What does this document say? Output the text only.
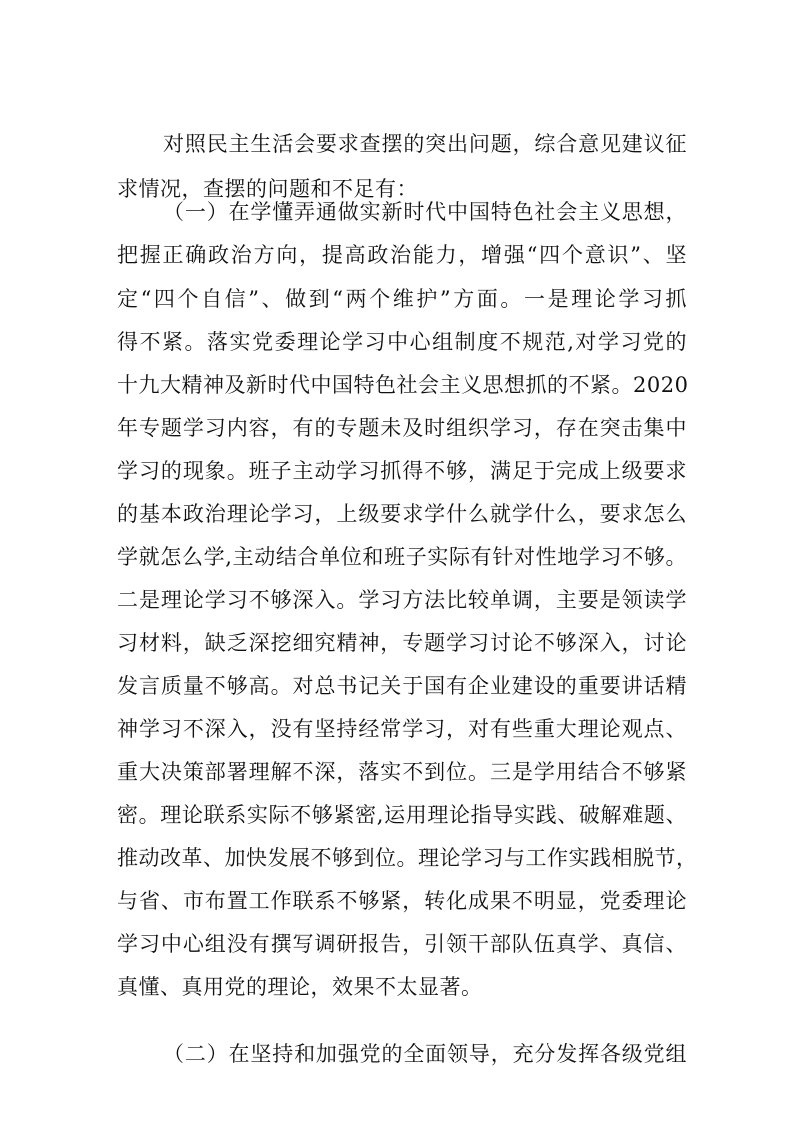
对照民主生活会要求查摆的突出问题，综合意见建议征
求情况，查摆的问题和不足有：
（一）在学懂弄通做实新时代中国特色社会主义思想，
把握正确政治方向，提高政治能力，增强“四个意识”、坚
定“四个自信”、做到“两个维护”方面。一是理论学习抓
得不紧。落实党委理论学习中心组制度不规范,对学习党的
十九大精神及新时代中国特色社会主义思想抓的不紧。2020
年专题学习内容，有的专题未及时组织学习，存在突击集中
学习的现象。班子主动学习抓得不够，满足于完成上级要求
的基本政治理论学习，上级要求学什么就学什么，要求怎么
学就怎么学,主动结合单位和班子实际有针对性地学习不够。
二是理论学习不够深入。学习方法比较单调，主要是领读学
习材料，缺乏深挖细究精神，专题学习讨论不够深入，讨论
发言质量不够高。对总书记关于国有企业建设的重要讲话精
神学习不深入，没有坚持经常学习，对有些重大理论观点、
重大决策部署理解不深，落实不到位。三是学用结合不够紧
密。理论联系实际不够紧密,运用理论指导实践、破解难题、
推动改革、加快发展不够到位。理论学习与工作实践相脱节，
与省、市布置工作联系不够紧，转化成果不明显，党委理论
学习中心组没有撰写调研报告，引领干部队伍真学、真信、
真懂、真用党的理论，效果不太显著。
（二）在坚持和加强党的全面领导，充分发挥各级党组
